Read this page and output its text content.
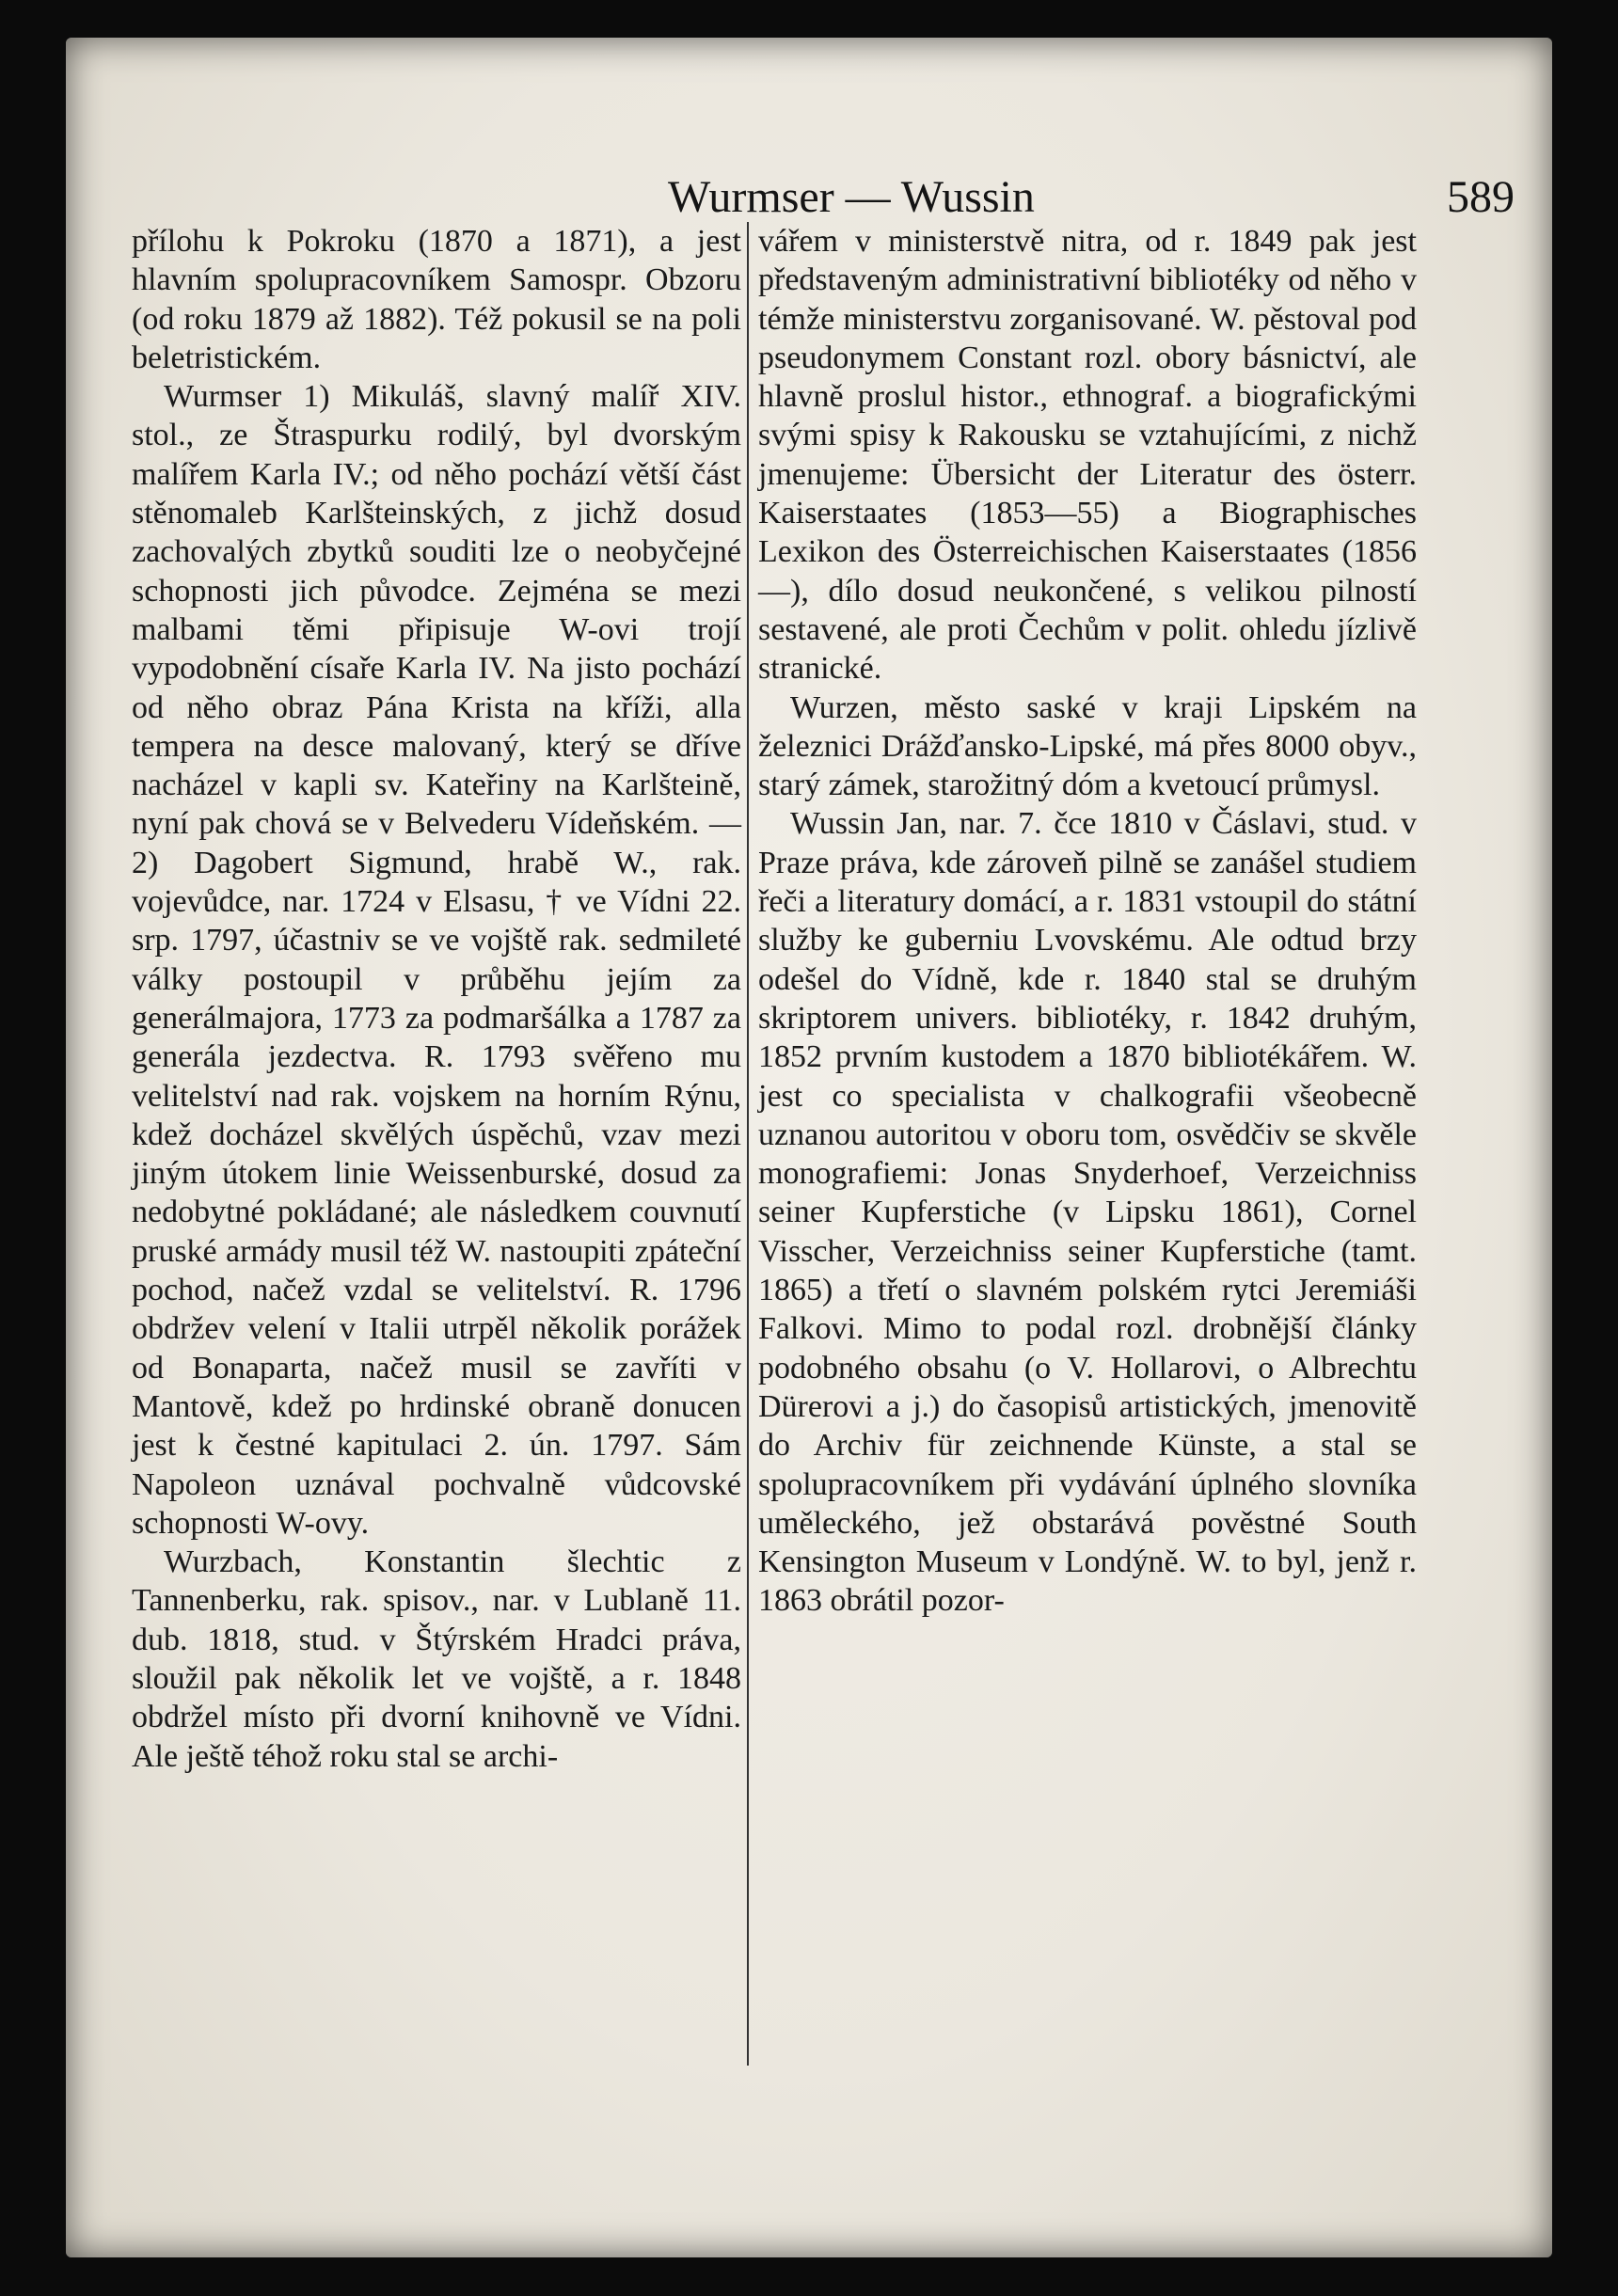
Wurmser — Wussin	589

přílohu k Pokroku (1870 a 1871), a jest hlavním spolupracovníkem Samospr. Obzoru (od roku 1879 až 1882). Též pokusil se na poli beletristickém.

Wurmser 1) Mikuláš, slavný malíř XIV. stol., ze Štraspurku rodilý, byl dvorským malířem Karla IV.; od něho pochází větší část stěnomaleb Karlšteinských, z jichž dosud zachovalých zbytků souditi lze o neobyčejné schopnosti jich původce. Zejména se mezi malbami těmi připisuje W-ovi trojí vypodobnění císaře Karla IV. Na jisto pochází od něho obraz Pána Krista na kříži, alla tempera na desce malovaný, který se dříve nacházel v kapli sv. Kateřiny na Karlšteině, nyní pak chová se v Belvederu Vídeňském. — 2) Dagobert Sigmund, hrabě W., rak. vojevůdce, nar. 1724 v Elsasu, † ve Vídni 22. srp. 1797, účastniv se ve vojště rak. sedmileté války postoupil v průběhu jejím za generálmajora, 1773 za podmaršálka a 1787 za generála jezdectva. R. 1793 svěřeno mu velitelství nad rak. vojskem na horním Rýnu, kdež docházel skvělých úspěchů, vzav mezi jiným útokem linie Weissenburské, dosud za nedobytné pokládané; ale následkem couvnutí pruské armády musil též W. nastoupiti zpáteční pochod, načež vzdal se velitelství. R. 1796 obdržev velení v Italii utrpěl několik porážek od Bonaparta, načež musil se zavříti v Mantově, kdež po hrdinské obraně donucen jest k čestné kapitulaci 2. ún. 1797. Sám Napoleon uznával pochvalně vůdcovské schopnosti W-ovy.

Wurzbach, Konstantin šlechtic z Tannenberku, rak. spisov., nar. v Lublaně 11. dub. 1818, stud. v Štýrském Hradci práva, sloužil pak několik let ve vojště, a r. 1848 obdržel místo při dvorní knihovně ve Vídni. Ale ještě téhož roku stal se archi-

vářem v ministerstvě nitra, od r. 1849 pak jest představeným administrativní bibliotéky od něho v témže ministerstvu zorganisované. W. pěstoval pod pseudonymem Constant rozl. obory básnictví, ale hlavně proslul histor., ethnograf. a biografickými svými spisy k Rakousku se vztahujícími, z nichž jmenujeme: Übersicht der Literatur des österr. Kaiserstaates (1853—55) a Biographisches Lexikon des Österreichischen Kaiserstaates (1856—), dílo dosud neukončené, s velikou pilností sestavené, ale proti Čechům v polit. ohledu jízlivě stranické.

Wurzen, město saské v kraji Lipském na železnici Drážďansko-Lipské, má přes 8000 obyv., starý zámek, starožitný dóm a kvetoucí průmysl.

Wussin Jan, nar. 7. čce 1810 v Čáslavi, stud. v Praze práva, kde zároveň pilně se zanášel studiem řeči a literatury domácí, a r. 1831 vstoupil do státní služby ke guberniu Lvovskému. Ale odtud brzy odešel do Vídně, kde r. 1840 stal se druhým skriptorem univers. bibliotéky, r. 1842 druhým, 1852 prvním kustodem a 1870 bibliotékářem. W. jest co specialista v chalkografii všeobecně uznanou autoritou v oboru tom, osvědčiv se skvěle monografiemi: Jonas Snyderhoef, Verzeichniss seiner Kupferstiche (v Lipsku 1861), Cornel Visscher, Verzeichniss seiner Kupferstiche (tamt. 1865) a třetí o slavném polském rytci Jeremiáši Falkovi. Mimo to podal rozl. drobnější články podobného obsahu (o V. Hollarovi, o Albrechtu Dürerovi a j.) do časopisů artistických, jmenovitě do Archiv für zeichnende Künste, a stal se spolupracovníkem při vydávání úplného slovníka uměleckého, jež obstarává pověstné South Kensington Museum v Londýně. W. to byl, jenž r. 1863 obrátil pozor-
